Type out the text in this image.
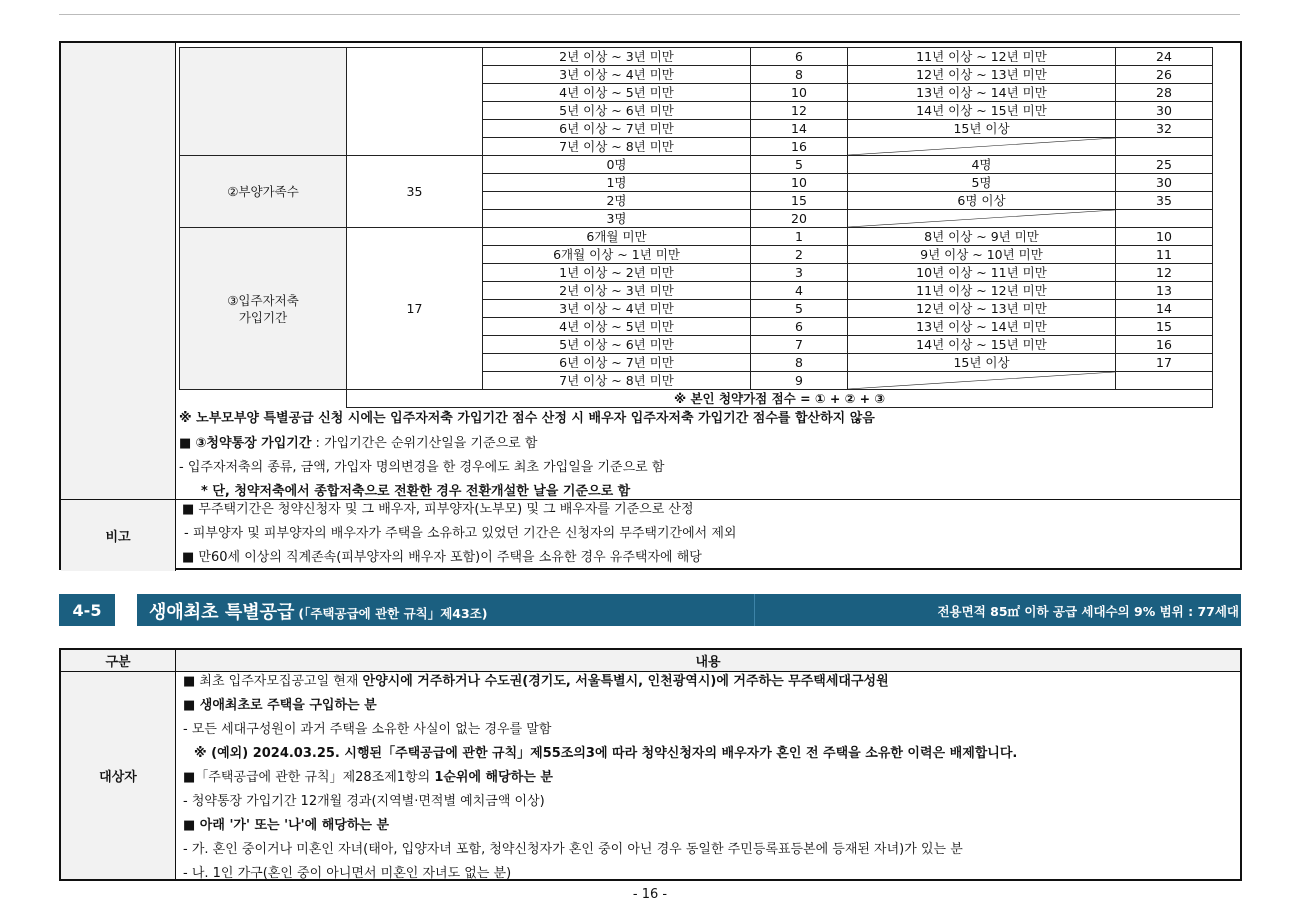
		2년 이상 ~ 3년 미만	6	11년 이상 ~ 12년 미만	24
		3년 이상 ~ 4년 미만	8	12년 이상 ~ 13년 미만	26
		4년 이상 ~ 5년 미만	10	13년 이상 ~ 14년 미만	28
		5년 이상 ~ 6년 미만	12	14년 이상 ~ 15년 미만	30
		6년 이상 ~ 7년 미만	14	15년 이상	32
		7년 이상 ~ 8년 미만	16	

②부양가족수	35	0명	5	4명	25
		1명	10	5명	30
		2명	15	6명 이상	35
		3명	20	

③입주자저축
가입기간	17	6개월 미만	1	8년 이상 ~ 9년 미만	10
		6개월 이상 ~ 1년 미만	2	9년 이상 ~ 10년 미만	11
		1년 이상 ~ 2년 미만	3	10년 이상 ~ 11년 미만	12
		2년 이상 ~ 3년 미만	4	11년 이상 ~ 12년 미만	13
		3년 이상 ~ 4년 미만	5	12년 이상 ~ 13년 미만	14
		4년 이상 ~ 5년 미만	6	13년 이상 ~ 14년 미만	15
		5년 이상 ~ 6년 미만	7	14년 이상 ~ 15년 미만	16
		6년 이상 ~ 7년 미만	8	15년 이상	17
		7년 이상 ~ 8년 미만	9	

	※ 본인 청약가점 점수 = ① + ② + ③				
※ 노부모부양 특별공급 신청 시에는 입주자저축 가입기간 점수 산정 시 배우자 입주자저축 가입기간 점수를 합산하지 않음
■ ③청약통장 가입기간 : 가입기간은 순위기산일을 기준으로 함
- 입주자저축의 종류, 금액, 가입자 명의변경을 한 경우에도 최초 가입일을 기준으로 함
* 단, 청약저축에서 종합저축으로 전환한 경우 전환개설한 날을 기준으로 함
비고
■ 무주택기간은 청약신청자 및 그 배우자, 피부양자(노부모) 및 그 배우자를 기준으로 산정
- 피부양자 및 피부양자의 배우자가 주택을 소유하고 있었던 기간은 신청자의 무주택기간에서 제외
■ 만60세 이상의 직계존속(피부양자의 배우자 포함)이 주택을 소유한 경우 유주택자에 해당
4-5	생애최초 특별공급 (「주택공급에 관한 규칙」제43조)	전용면적 85㎡ 이하 공급 세대수의 9% 범위 : 77세대
구분	내용
대상자
■ 최초 입주자모집공고일 현재 안양시에 거주하거나 수도권(경기도, 서울특별시, 인천광역시)에 거주하는 무주택세대구성원
■ 생애최초로 주택을 구입하는 분
- 모든 세대구성원이 과거 주택을 소유한 사실이 없는 경우를 말함
※ (예외) 2024.03.25. 시행된「주택공급에 관한 규칙」제55조의3에 따라 청약신청자의 배우자가 혼인 전 주택을 소유한 이력은 배제합니다.
■「주택공급에 관한 규칙」제28조제1항의 1순위에 해당하는 분
- 청약통장 가입기간 12개월 경과(지역별·면적별 예치금액 이상)
■ 아래 '가' 또는 '나'에 해당하는 분
- 가. 혼인 중이거나 미혼인 자녀(태아, 입양자녀 포함, 청약신청자가 혼인 중이 아닌 경우 동일한 주민등록표등본에 등재된 자녀)가 있는 분
- 나. 1인 가구(혼인 중이 아니면서 미혼인 자녀도 없는 분)
- 16 -
